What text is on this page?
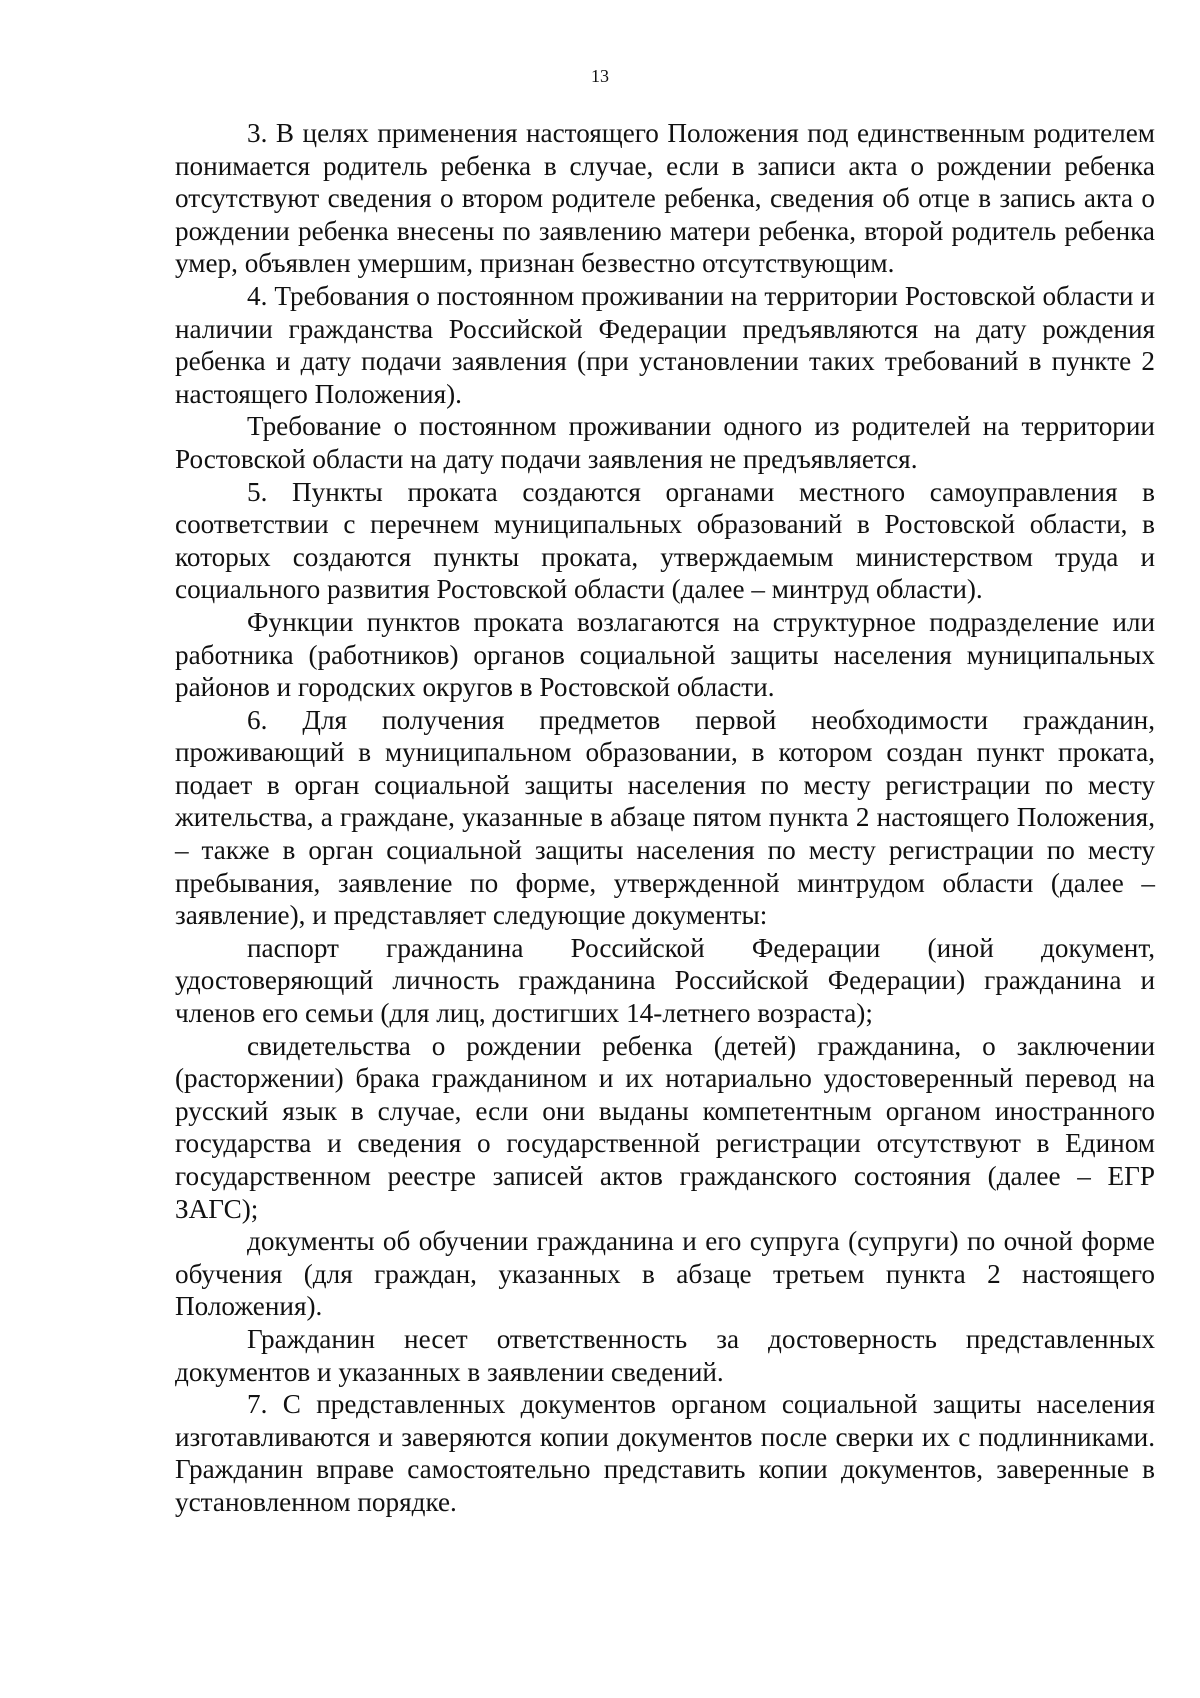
13

3. В целях применения настоящего Положения под единственным родителем понимается родитель ребенка в случае, если в записи акта о рождении ребенка отсутствуют сведения о втором родителе ребенка, сведения об отце в запись акта о рождении ребенка внесены по заявлению матери ребенка, второй родитель ребенка умер, объявлен умершим, признан безвестно отсутствующим.

4. Требования о постоянном проживании на территории Ростовской области и наличии гражданства Российской Федерации предъявляются на дату рождения ребенка и дату подачи заявления (при установлении таких требований в пункте 2 настоящего Положения).

Требование о постоянном проживании одного из родителей на территории Ростовской области на дату подачи заявления не предъявляется.

5. Пункты проката создаются органами местного самоуправления в соответствии с перечнем муниципальных образований в Ростовской области, в которых создаются пункты проката, утверждаемым министерством труда и социального развития Ростовской области (далее – минтруд области).

Функции пунктов проката возлагаются на структурное подразделение или работника (работников) органов социальной защиты населения муниципальных районов и городских округов в Ростовской области.

6. Для получения предметов первой необходимости гражданин, проживающий в муниципальном образовании, в котором создан пункт проката, подает в орган социальной защиты населения по месту регистрации по месту жительства, а граждане, указанные в абзаце пятом пункта 2 настоящего Положения, – также в орган социальной защиты населения по месту регистрации по месту пребывания, заявление по форме, утвержденной минтрудом области (далее – заявление), и представляет следующие документы:

паспорт гражданина Российской Федерации (иной документ, удостоверяющий личность гражданина Российской Федерации) гражданина и членов его семьи (для лиц, достигших 14-летнего возраста);

свидетельства о рождении ребенка (детей) гражданина, о заключении (расторжении) брака гражданином и их нотариально удостоверенный перевод на русский язык в случае, если они выданы компетентным органом иностранного государства и сведения о государственной регистрации отсутствуют в Едином государственном реестре записей актов гражданского состояния (далее – ЕГР ЗАГС);

документы об обучении гражданина и его супруга (супруги) по очной форме обучения (для граждан, указанных в абзаце третьем пункта 2 настоящего Положения).

Гражданин несет ответственность за достоверность представленных документов и указанных в заявлении сведений.

7. С представленных документов органом социальной защиты населения изготавливаются и заверяются копии документов после сверки их с подлинниками. Гражданин вправе самостоятельно представить копии документов, заверенные в установленном порядке.
